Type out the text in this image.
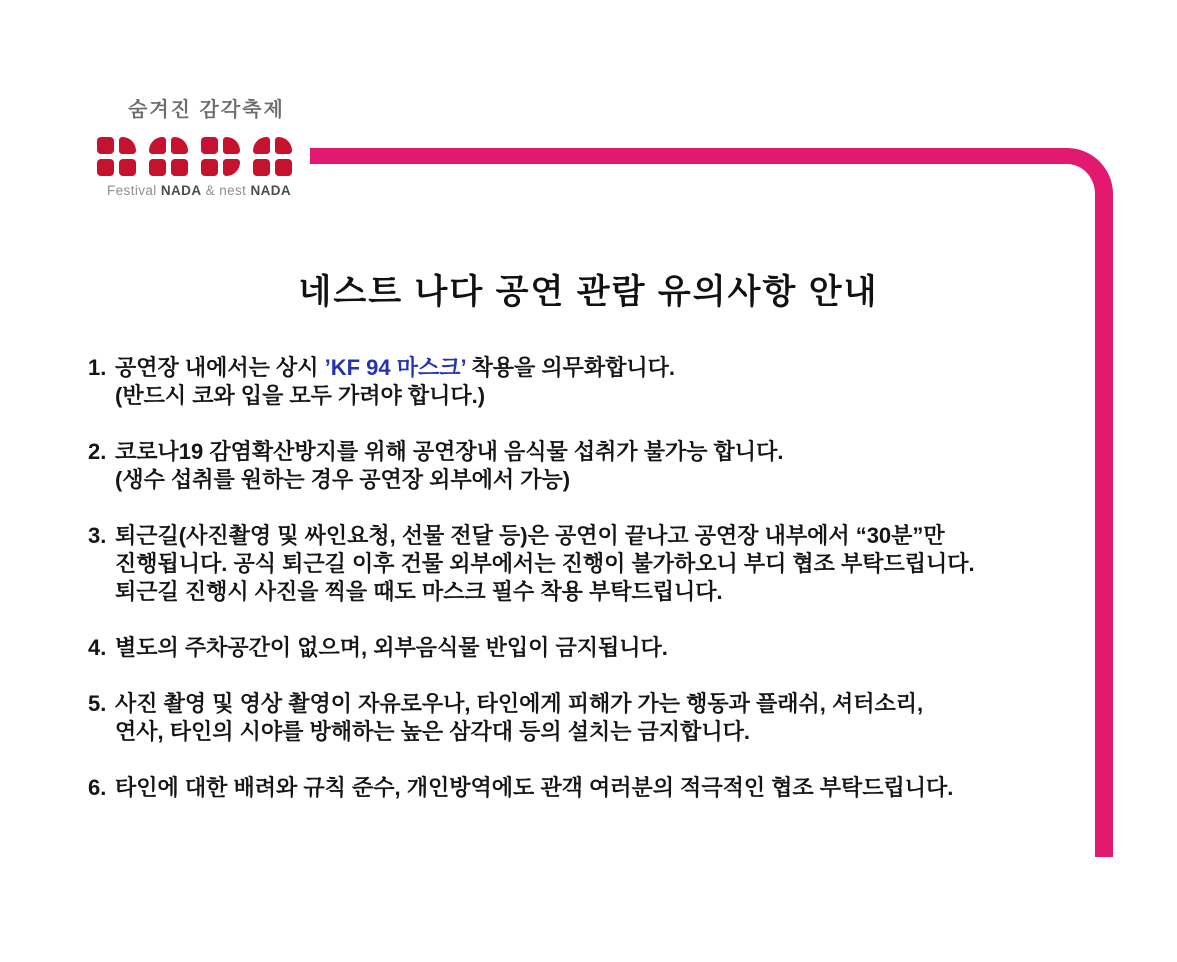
숨겨진 감각축제
Festival NADA & nest NADA
네스트 나다 공연 관람 유의사항 안내
1. 공연장 내에서는 상시 ’KF 94 마스크’ 착용을 의무화합니다.
(반드시 코와 입을 모두 가려야 합니다.)
2. 코로나19 감염확산방지를 위해 공연장내 음식물 섭취가 불가능 합니다.
(생수 섭취를 원하는 경우 공연장 외부에서 가능)
3. 퇴근길(사진촬영 및 싸인요청, 선물 전달 등)은 공연이 끝나고 공연장 내부에서 “30분”만
진행됩니다. 공식 퇴근길 이후 건물 외부에서는 진행이 불가하오니 부디 협조 부탁드립니다.
퇴근길 진행시 사진을 찍을 때도 마스크 필수 착용 부탁드립니다.
4. 별도의 주차공간이 없으며, 외부음식물 반입이 금지됩니다.
5. 사진 촬영 및 영상 촬영이 자유로우나, 타인에게 피해가 가는 행동과 플래쉬, 셔터소리,
연사, 타인의 시야를 방해하는 높은 삼각대 등의 설치는 금지합니다.
6. 타인에 대한 배려와 규칙 준수, 개인방역에도 관객 여러분의 적극적인 협조 부탁드립니다.
